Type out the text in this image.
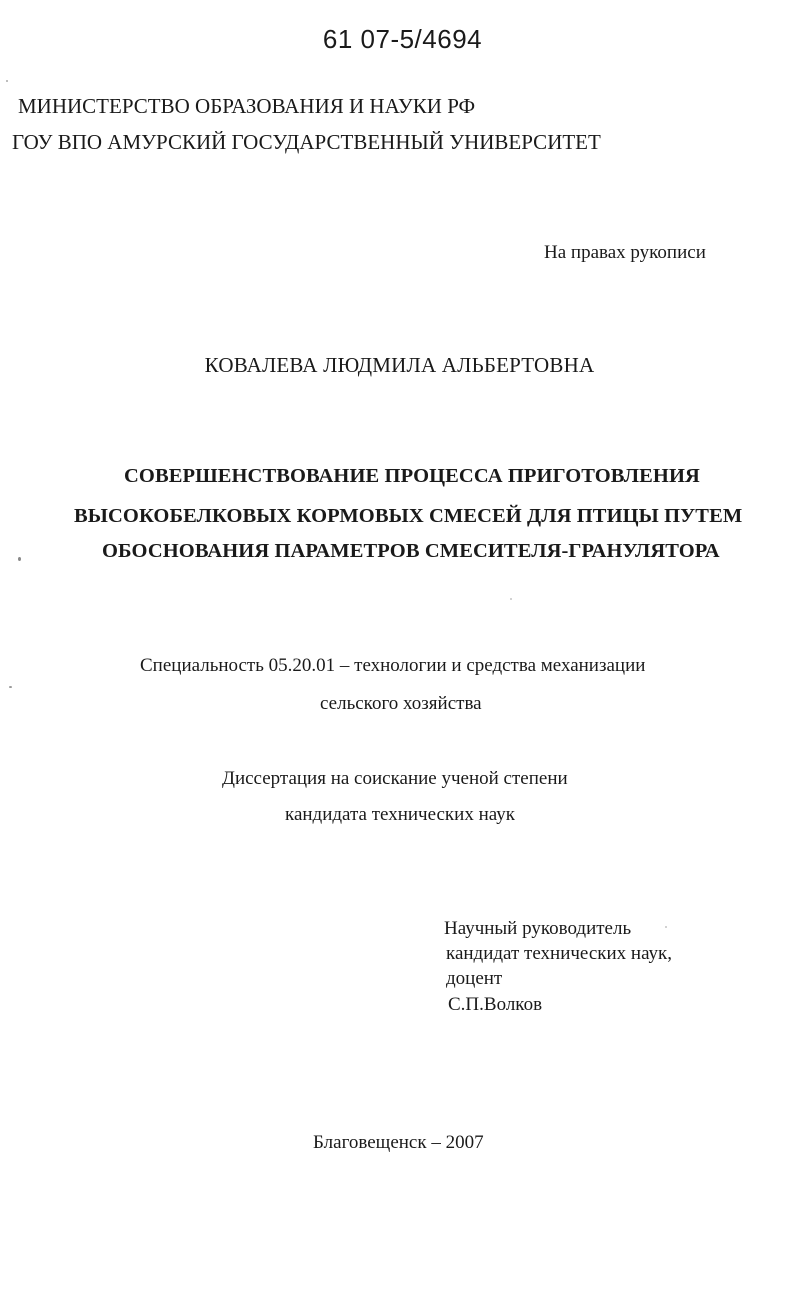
61 07-5/4694
МИНИСТЕРСТВО ОБРАЗОВАНИЯ И НАУКИ РФ
ГОУ ВПО АМУРСКИЙ ГОСУДАРСТВЕННЫЙ УНИВЕРСИТЕТ
На правах рукописи
КОВАЛЕВА ЛЮДМИЛА АЛЬБЕРТОВНА
СОВЕРШЕНСТВОВАНИЕ ПРОЦЕССА ПРИГОТОВЛЕНИЯ
ВЫСОКОБЕЛКОВЫХ КОРМОВЫХ СМЕСЕЙ ДЛЯ ПТИЦЫ ПУТЕМ
ОБОСНОВАНИЯ ПАРАМЕТРОВ СМЕСИТЕЛЯ-ГРАНУЛЯТОРА
Специальность 05.20.01 – технологии и средства механизации
сельского хозяйства
Диссертация на соискание ученой степени
кандидата технических наук
Научный руководитель
кандидат технических наук,
доцент
С.П.Волков
Благовещенск – 2007
